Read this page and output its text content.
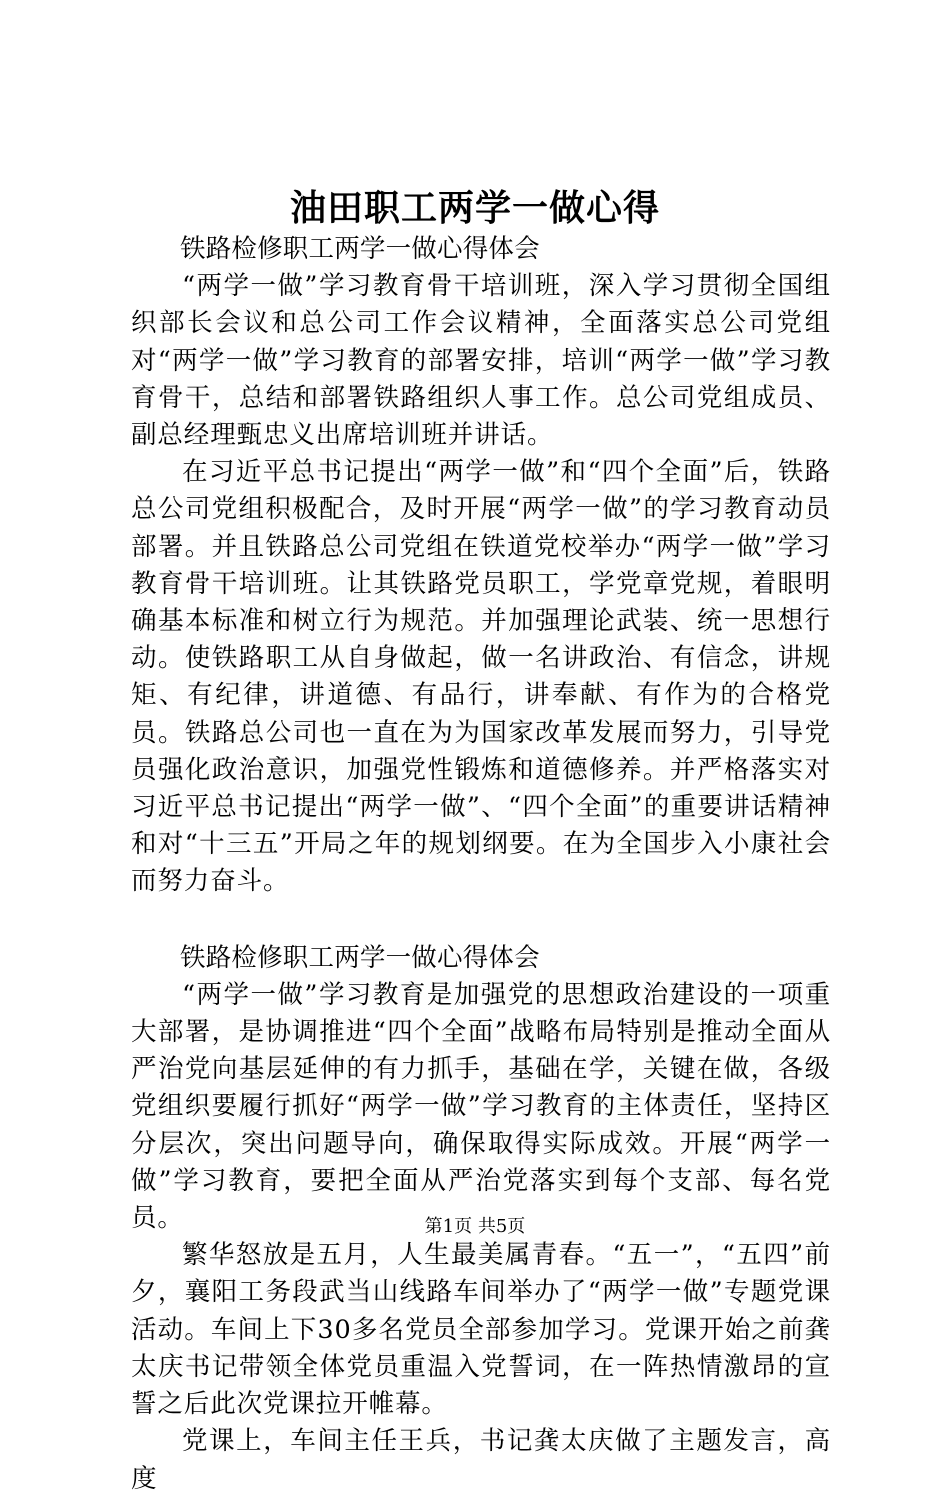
油田职工两学一做心得

铁路检修职工两学一做心得体会

“两学一做”学习教育骨干培训班，深入学习贯彻全国组织部长会议和总公司工作会议精神，全面落实总公司党组对“两学一做”学习教育的部署安排，培训“两学一做”学习教育骨干，总结和部署铁路组织人事工作。总公司党组成员、副总经理甄忠义出席培训班并讲话。

在习近平总书记提出“两学一做”和“四个全面”后，铁路总公司党组积极配合，及时开展“两学一做”的学习教育动员部署。并且铁路总公司党组在铁道党校举办“两学一做”学习教育骨干培训班。让其铁路党员职工，学党章党规，着眼明确基本标准和树立行为规范。并加强理论武装、统一思想行动。使铁路职工从自身做起，做一名讲政治、有信念，讲规矩、有纪律，讲道德、有品行，讲奉献、有作为的合格党员。铁路总公司也一直在为为国家改革发展而努力，引导党员强化政治意识，加强党性锻炼和道德修养。并严格落实对习近平总书记提出“两学一做”、“四个全面”的重要讲话精神和对“十三五”开局之年的规划纲要。在为全国步入小康社会而努力奋斗。

铁路检修职工两学一做心得体会

“两学一做”学习教育是加强党的思想政治建设的一项重大部署，是协调推进“四个全面”战略布局特别是推动全面从严治党向基层延伸的有力抓手，基础在学，关键在做，各级党组织要履行抓好“两学一做”学习教育的主体责任，坚持区分层次，突出问题导向，确保取得实际成效。开展“两学一做”学习教育，要把全面从严治党落实到每个支部、每名党员。

繁华怒放是五月，人生最美属青春。“五一”，“五四”前夕，襄阳工务段武当山线路车间举办了“两学一做”专题党课活动。车间上下30多名党员全部参加学习。党课开始之前龚太庆书记带领全体党员重温入党誓词，在一阵热情激昂的宣誓之后此次党课拉开帷幕。

党课上，车间主任王兵，书记龚太庆做了主题发言，高度

第1页 共5页
